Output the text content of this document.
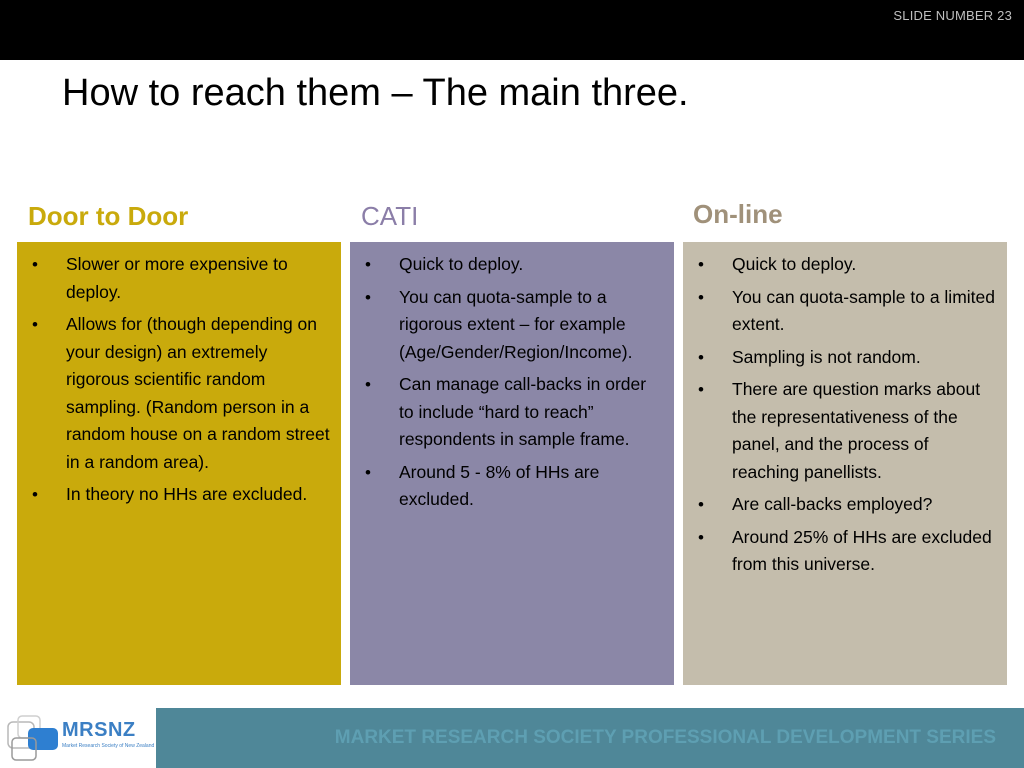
SLIDE NUMBER 23
How to reach them – The main three.
Door to Door	CATI	On-line
• Slower or more expensive to deploy.
• Allows for (though depending on your design) an extremely rigorous scientific random sampling. (Random person in a random house on a random street in a random area).
• In theory no HHs are excluded.
• Quick to deploy.
• You can quota-sample to a rigorous extent – for example (Age/Gender/Region/Income).
• Can manage call-backs in order to include “hard to reach” respondents in sample frame.
• Around 5 - 8% of HHs are excluded.
• Quick to deploy.
• You can quota-sample to a limited extent.
• Sampling is not random.
• There are question marks about the representativeness of the panel, and the process of reaching panellists.
• Are call-backs employed?
• Around 25% of HHs are excluded from this universe.
MRSNZ
Market Research Society of New Zealand	MARKET RESEARCH SOCIETY PROFESSIONAL DEVELOPMENT SERIES
